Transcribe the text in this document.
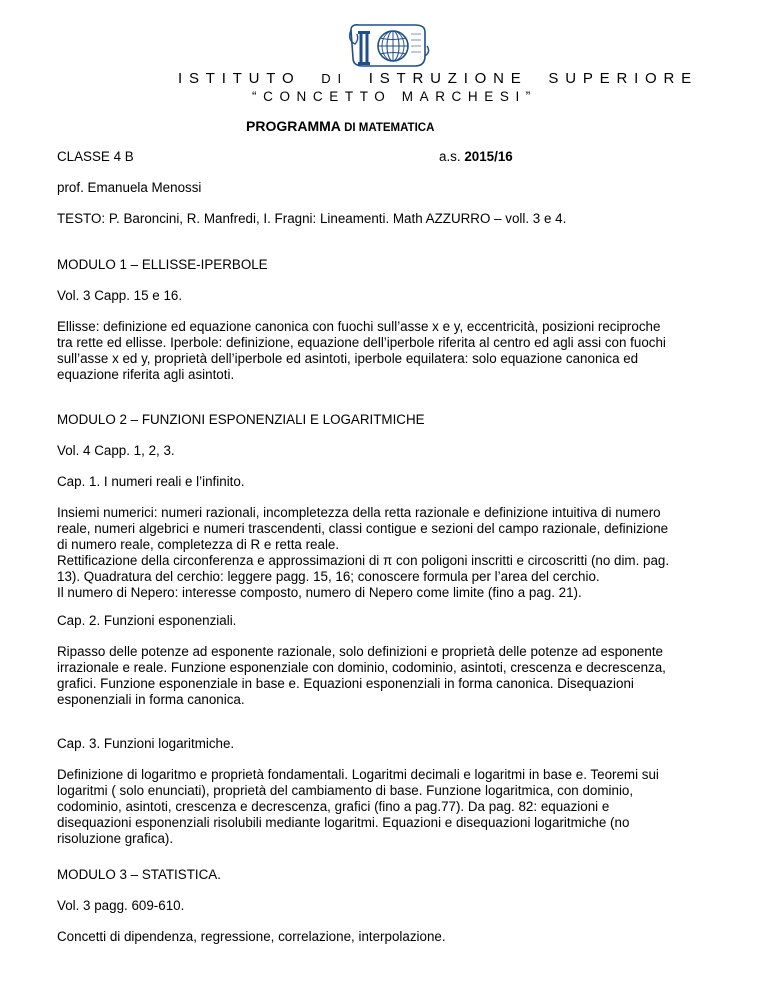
ISTITUTO DI ISTRUZIONE SUPERIORE
“CONCETTO MARCHESI”
PROGRAMMA DI MATEMATICA
CLASSE 4 B	a.s. 2015/16
prof. Emanuela Menossi
TESTO: P. Baroncini, R. Manfredi, I. Fragni: Lineamenti. Math AZZURRO – voll. 3 e 4.
MODULO 1 – ELLISSE-IPERBOLE
Vol. 3 Capp. 15 e 16.
Ellisse: definizione ed equazione canonica con fuochi sull’asse x e y, eccentricità, posizioni reciproche
tra rette ed ellisse. Iperbole: definizione, equazione dell’iperbole riferita al centro ed agli assi con fuochi
sull’asse x ed y, proprietà dell’iperbole ed asintoti, iperbole equilatera: solo equazione canonica ed
equazione riferita agli asintoti.
MODULO 2 – FUNZIONI ESPONENZIALI E LOGARITMICHE
Vol. 4 Capp. 1, 2, 3.
Cap. 1. I numeri reali e l’infinito.
Insiemi numerici: numeri razionali, incompletezza della retta razionale e definizione intuitiva di numero
reale, numeri algebrici e numeri trascendenti, classi contigue e sezioni del campo razionale, definizione
di numero reale, completezza di R e retta reale.
Rettificazione della circonferenza e approssimazioni di π con poligoni inscritti e circoscritti (no dim. pag.
13). Quadratura del cerchio: leggere pagg. 15, 16; conoscere formula per l’area del cerchio.
Il numero di Nepero: interesse composto, numero di Nepero come limite (fino a pag. 21).
Cap. 2. Funzioni esponenziali.
Ripasso delle potenze ad esponente razionale, solo definizioni e proprietà delle potenze ad esponente
irrazionale e reale. Funzione esponenziale con dominio, codominio, asintoti, crescenza e decrescenza,
grafici. Funzione esponenziale in base e. Equazioni esponenziali in forma canonica. Disequazioni
esponenziali in forma canonica.
Cap. 3. Funzioni logaritmiche.
Definizione di logaritmo e proprietà fondamentali. Logaritmi decimali e logaritmi in base e. Teoremi sui
logaritmi ( solo enunciati), proprietà del cambiamento di base. Funzione logaritmica, con dominio,
codominio, asintoti, crescenza e decrescenza, grafici (fino a pag.77). Da pag. 82: equazioni e
disequazioni esponenziali risolubili mediante logaritmi. Equazioni e disequazioni logaritmiche (no
risoluzione grafica).
MODULO 3 – STATISTICA.
Vol. 3 pagg. 609-610.
Concetti di dipendenza, regressione, correlazione, interpolazione.
